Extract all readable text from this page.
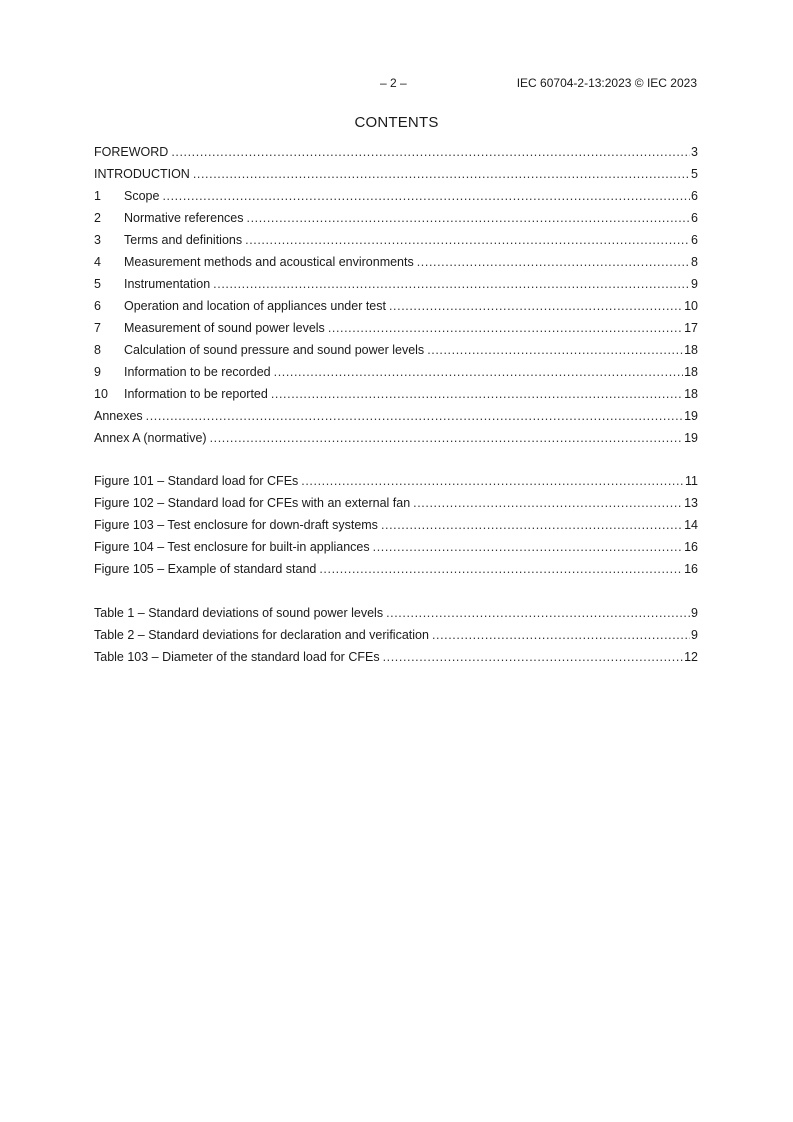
– 2 –	IEC 60704-2-13:2023 © IEC 2023
CONTENTS
FOREWORD .....	3
INTRODUCTION .....	5
1	Scope .....	6
2	Normative references .....	6
3	Terms and definitions .....	6
4	Measurement methods and acoustical environments .....	8
5	Instrumentation .....	9
6	Operation and location of appliances under test .....	10
7	Measurement of sound power levels .....	17
8	Calculation of sound pressure and sound power levels .....	18
9	Information to be recorded .....	18
10	Information to be reported .....	18
Annexes .....	19
Annex A (normative) .....	19
Figure 101 – Standard load for CFEs .....	11
Figure 102 – Standard load for CFEs with an external fan .....	13
Figure 103 – Test enclosure for down-draft systems .....	14
Figure 104 – Test enclosure for built-in appliances .....	16
Figure 105 – Example of standard stand .....	16
Table 1 – Standard deviations of sound power levels .....	9
Table 2 – Standard deviations for declaration and verification .....	9
Table 103 – Diameter of the standard load for CFEs .....	12
